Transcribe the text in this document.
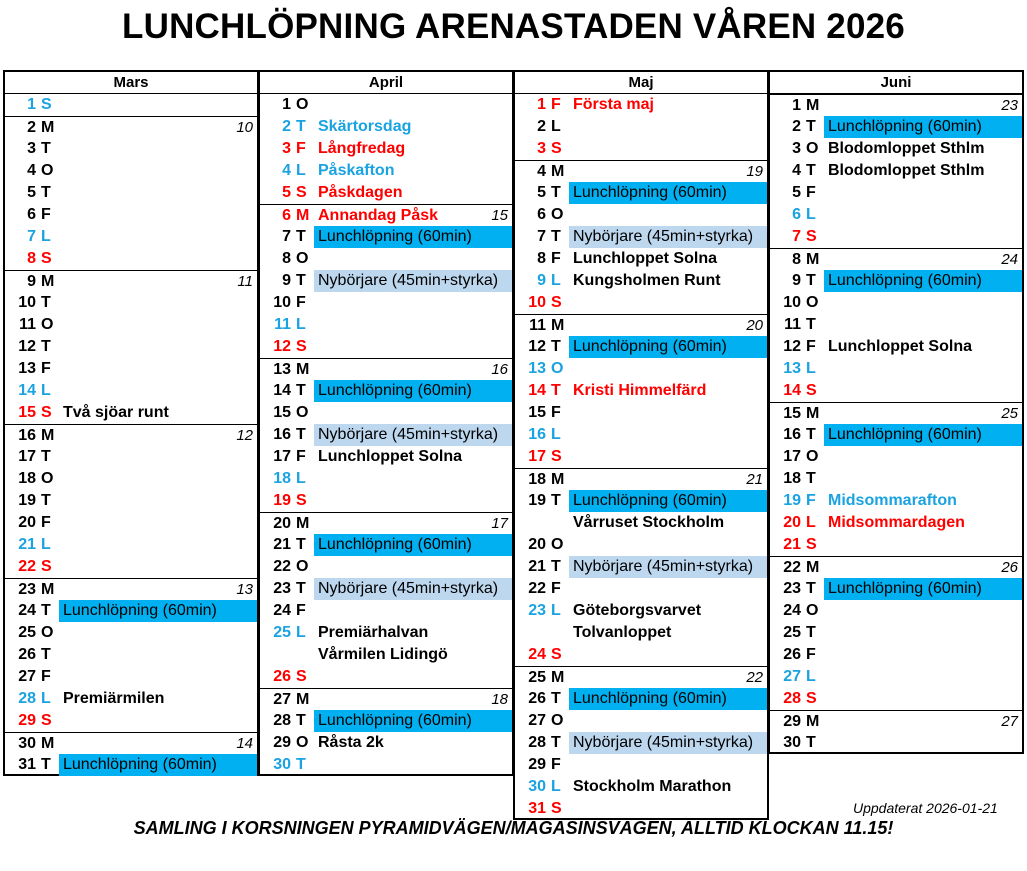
LUNCHLÖPNING ARENASTADEN VÅREN 2026
Mars
1 S
2 M	10
3 T
4 O
5 T
6 F
7 L
8 S
9 M	11
10 T
11 O
12 T
13 F
14 L
15 S Två sjöar runt
16 M	12
17 T
18 O
19 T
20 F
21 L
22 S
23 M	13
24 T Lunchlöpning (60min)
25 O
26 T
27 F
28 L Premiärmilen
29 S
30 M	14
31 T Lunchlöpning (60min)
April
1 O
2 T Skärtorsdag
3 F Långfredag
4 L Påskafton
5 S Påskdagen
6 M Annandag Påsk	15
7 T Lunchlöpning (60min)
8 O
9 T Nybörjare (45min+styrka)
10 F
11 L
12 S
13 M	16
14 T Lunchlöpning (60min)
15 O
16 T Nybörjare (45min+styrka)
17 F Lunchloppet Solna
18 L
19 S
20 M	17
21 T Lunchlöpning (60min)
22 O
23 T Nybörjare (45min+styrka)
24 F
25 L Premiärhalvan
Vårmilen Lidingö
26 S
27 M	18
28 T Lunchlöpning (60min)
29 O Råsta 2k
30 T
Maj
1 F Första maj
2 L
3 S
4 M	19
5 T Lunchlöpning (60min)
6 O
7 T Nybörjare (45min+styrka)
8 F Lunchloppet Solna
9 L Kungsholmen Runt
10 S
11 M	20
12 T Lunchlöpning (60min)
13 O
14 T Kristi Himmelfärd
15 F
16 L
17 S
18 M	21
19 T Lunchlöpning (60min)
Vårruset Stockholm
20 O
21 T Nybörjare (45min+styrka)
22 F
23 L Göteborgsvarvet
Tolvanloppet
24 S
25 M	22
26 T Lunchlöpning (60min)
27 O
28 T Nybörjare (45min+styrka)
29 F
30 L Stockholm Marathon
31 S
Juni
1 M	23
2 T Lunchlöpning (60min)
3 O Blodomloppet Sthlm
4 T Blodomloppet Sthlm
5 F
6 L
7 S
8 M	24
9 T Lunchlöpning (60min)
10 O
11 T
12 F Lunchloppet Solna
13 L
14 S
15 M	25
16 T Lunchlöpning (60min)
17 O
18 T
19 F Midsommarafton
20 L Midsommardagen
21 S
22 M	26
23 T Lunchlöpning (60min)
24 O
25 T
26 F
27 L
28 S
29 M	27
30 T
Uppdaterat 2026-01-21
SAMLING I KORSNINGEN PYRAMIDVÄGEN/MAGASINSVÄGEN, ALLTID KLOCKAN 11.15!
